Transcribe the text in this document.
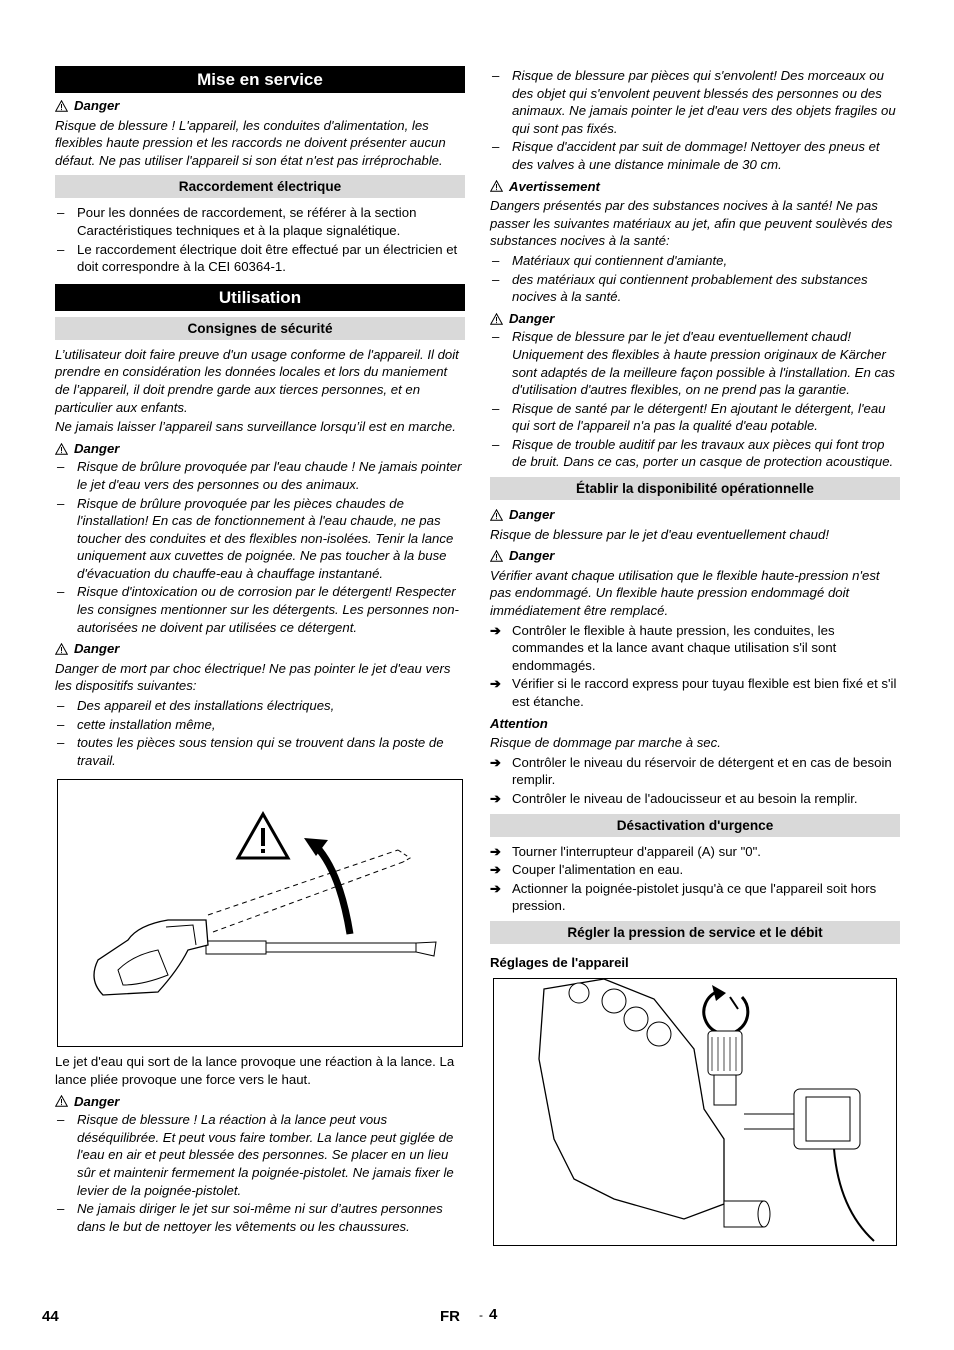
Mise en service
Danger

Risque de blessure ! L'appareil, les conduites d'alimentation, les flexibles haute pression et les raccords ne doivent présenter aucun défaut. Ne pas utiliser l'appareil si son état n'est pas irréprochable.

Raccordement électrique
– Pour les données de raccordement, se référer à la section Caractéristiques techniques et à la plaque signalétique.
– Le raccordement électrique doit être effectué par un électricien et doit correspondre à la CEI 60364-1.
Utilisation
Consignes de sécurité

L’utilisateur doit faire preuve d'un usage conforme de l'appareil. Il doit prendre en considération les données locales et lors du maniement de l’appareil, il doit prendre garde aux tierces personnes, et en particulier aux enfants.

Ne jamais laisser l’appareil sans surveillance lorsqu’il est en marche.

Danger
– Risque de brûlure provoquée par l'eau chaude ! Ne jamais pointer le jet d'eau vers des personnes ou des animaux.
– Risque de brûlure provoquée par les pièces chaudes de l'installation! En cas de fonctionnement à l'eau chaude, ne pas toucher des conduites et des flexibles non-isolées. Tenir la lance uniquement aux cuvettes de poignée. Ne pas toucher à la buse d'évacuation du chauffe-eau à chauffage instantané.
– Risque d'intoxication ou de corrosion par le détergent! Respecter les consignes mentionner sur les détergents. Les personnes non-autorisées ne doivent par utilisées ce détergent.
Danger

Danger de mort par choc électrique! Ne pas pointer le jet d'eau vers les dispositifs suivantes:

– Des appareil et des installations électriques,
– cette installation même,
– toutes les pièces sous tension qui se trouvent dans la poste de travail.

Le jet d'eau qui sort de la lance provoque une réaction à la lance. La lance pliée provoque une force vers le haut.

Danger
– Risque de blessure ! La réaction à la lance peut vous déséquilibrée. Et peut vous faire tomber. La lance peut giglée de l'eau en air et peut blessée des personnes. Se placer en un lieu sûr et maintenir fermement la poignée-pistolet. Ne jamais fixer le levier de la poignée-pistolet.
– Ne jamais diriger le jet sur soi-même ni sur d’autres personnes dans le but de nettoyer les vêtements ou les chaussures.
– Risque de blessure par pièces qui s'envolent! Des morceaux ou des objet qui s'envolent peuvent blessés des personnes ou des animaux. Ne jamais pointer le jet d'eau vers des objets fragiles ou qui sont pas fixés.
– Risque d'accident par suit de dommage! Nettoyer des pneus et des valves à une distance minimale de 30 cm.
Avertissement

Dangers présentés par des substances nocives à la santé! Ne pas passer les suivantes matériaux au jet, afin que peuvent soulèvés des substances nocives à la santé:

– Matériaux qui contiennent d'amiante,
– des matériaux qui contiennent probablement des substances nocives à la santé.
Danger
– Risque de blessure par le jet d'eau eventuellement chaud! Uniquement des flexibles à haute pression originaux de Kärcher sont adaptés de la meilleure façon possible à l'installation. En cas d'utilisation d'autres flexibles, on ne prend pas la garantie.
– Risque de santé par le détergent! En ajoutant le détergent, l'eau qui sort de l'appareil n'a pas la qualité d'eau potable.
– Risque de trouble auditif par les travaux aux pièces qui font trop de bruit. Dans ce cas, porter un casque de protection acoustique.
Établir la disponibilité opérationnelle
Danger

Risque de blessure par le jet d'eau eventuellement chaud!

Danger

Vérifier avant chaque utilisation que le flexible haute-pression n'est pas endommagé. Un flexible haute pression endommagé doit immédiatement être remplacé.

➔ Contrôler le flexible à haute pression, les conduites, les commandes et la lance avant chaque utilisation s'il sont endommagés.
➔ Vérifier si le raccord express pour tuyau flexible est bien fixé et s'il est étanche.
Attention

Risque de dommage par marche à sec.

➔ Contrôler le niveau du réservoir de détergent et en cas de besoin remplir.
➔ Contrôler le niveau de l'adoucisseur et au besoin la remplir.
Désactivation d'urgence
➔ Tourner l'interrupteur d'appareil (A) sur "0".
➔ Couper l'alimentation en eau.
➔ Actionner la poignée-pistolet jusqu'à ce que l'appareil soit hors pression.
Régler la pression de service et le débit
Réglages de l'appareil
44	FR - 4
